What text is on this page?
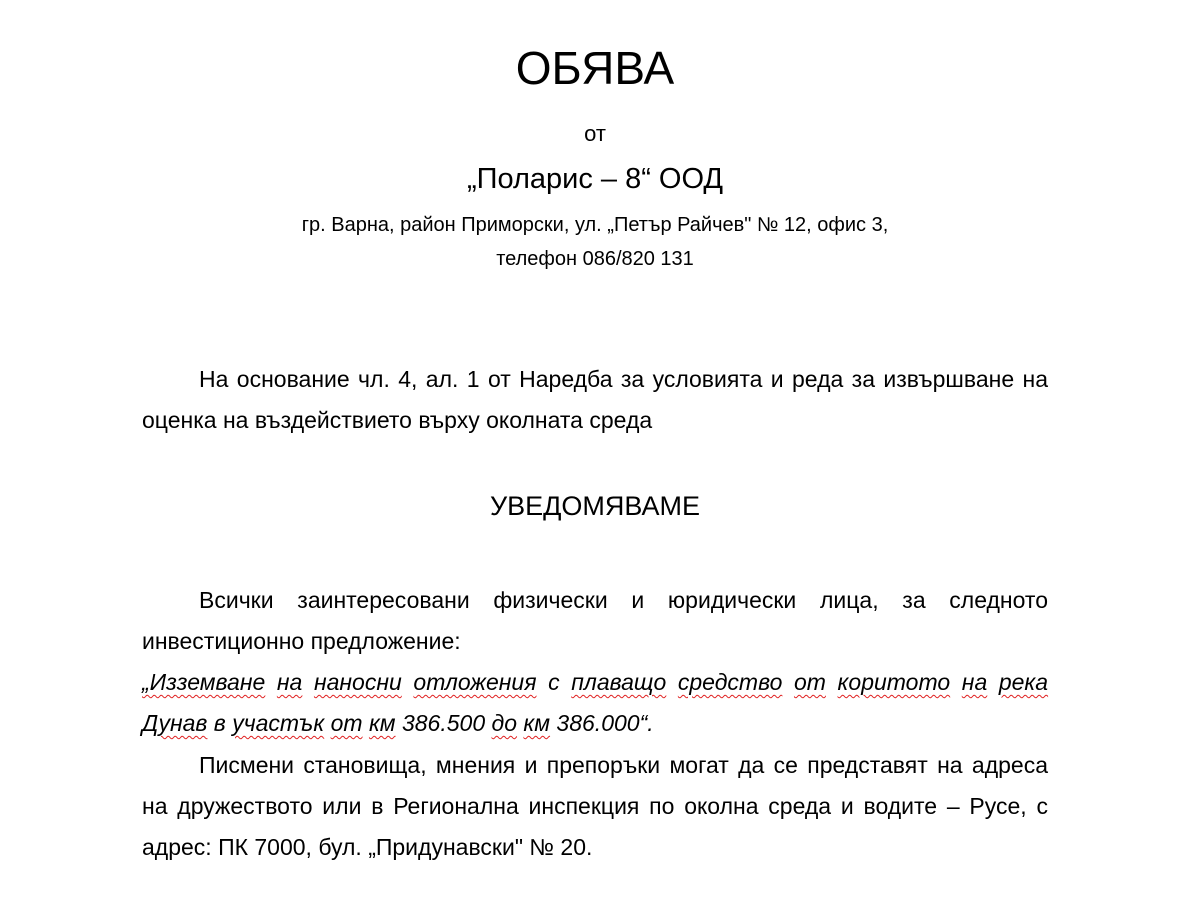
ОБЯВА
от
„Поларис – 8“ ООД
гр. Варна, район Приморски, ул. „Петър Райчев" № 12, офис 3,
телефон 086/820 131
На основание чл. 4, ал. 1 от Наредба за условията и реда за извършване на оценка на въздействието върху околната среда
УВЕДОМЯВАМЕ
Всички заинтересовани физически и юридически лица, за следното инвестиционно предложение:
„Изземване на наносни отложения с плаващо средство от коритото на река Дунав в участък от км 386.500 до км 386.000“.
Писмени становища, мнения и препоръки могат да се представят на адреса на дружеството или в Регионална инспекция по околна среда и водите – Русе, с адрес: ПК 7000, бул. „Придунавски" № 20.
